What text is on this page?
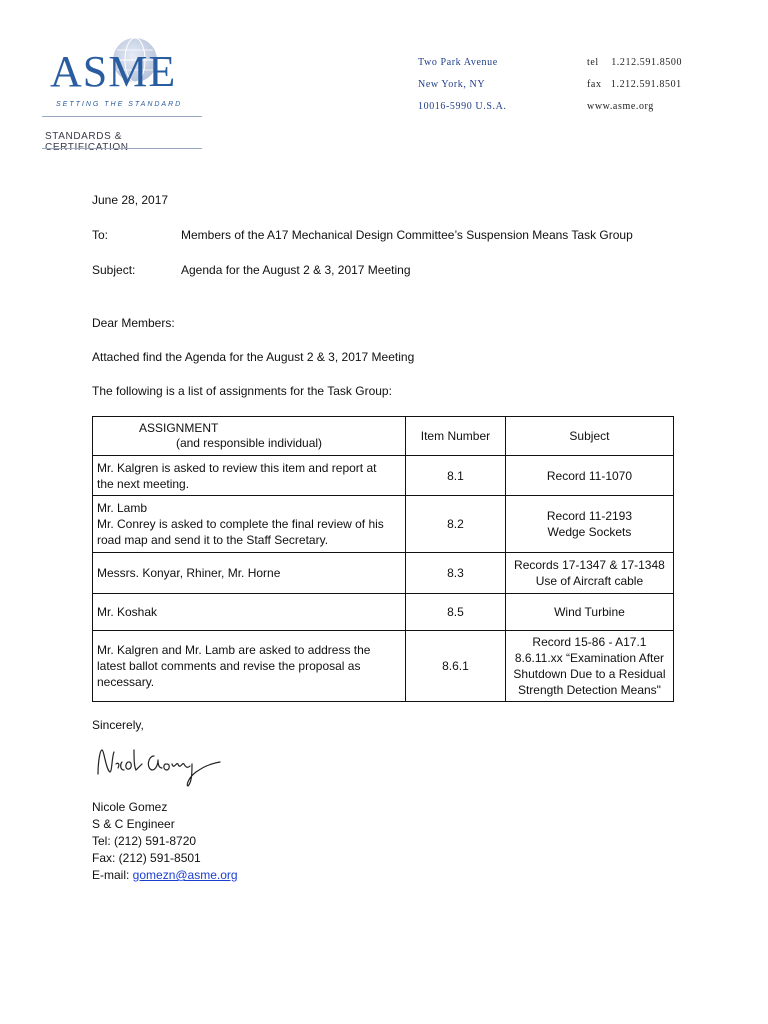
ASME
SETTING THE STANDARD
STANDARDS &
Two Park Avenue
New York, NY
10016-5990 U.S.A.
tel    1.212.591.8500
fax   1.212.591.8501
www.asme.org
June 28, 2017
To:	Members of the A17 Mechanical Design Committee’s Suspension Means Task Group
Subject:	Agenda for the August 2 & 3, 2017 Meeting
Dear Members:
Attached find the Agenda for the August 2 & 3, 2017 Meeting
The following is a list of assignments for the Task Group:
ASSIGNMENT
(and responsible individual)	Item Number	Subject

Mr. Kalgren is asked to review this item and report at
the next meeting.	8.1	Record 11-1070

Mr. Lamb
Mr. Conrey is asked to complete the final review of his
road map and send it to the Staff Secretary.	8.2	Record 11-2193
Wedge Sockets

Messrs. Konyar, Rhiner, Mr. Horne	8.3	Records 17-1347 & 17-1348
Use of Aircraft cable

Mr. Koshak	8.5	Wind Turbine

Mr. Kalgren and Mr. Lamb are asked to address the
latest ballot comments and revise the proposal as
necessary.	8.6.1	Record 15-86 - A17.1
8.6.11.xx “Examination After
Shutdown Due to a Residual
Strength Detection Means"
Sincerely,
Nicole Gomez
S & C Engineer
Tel: (212) 591-8720
Fax: (212) 591-8501
E-mail: gomezn@asme.org
